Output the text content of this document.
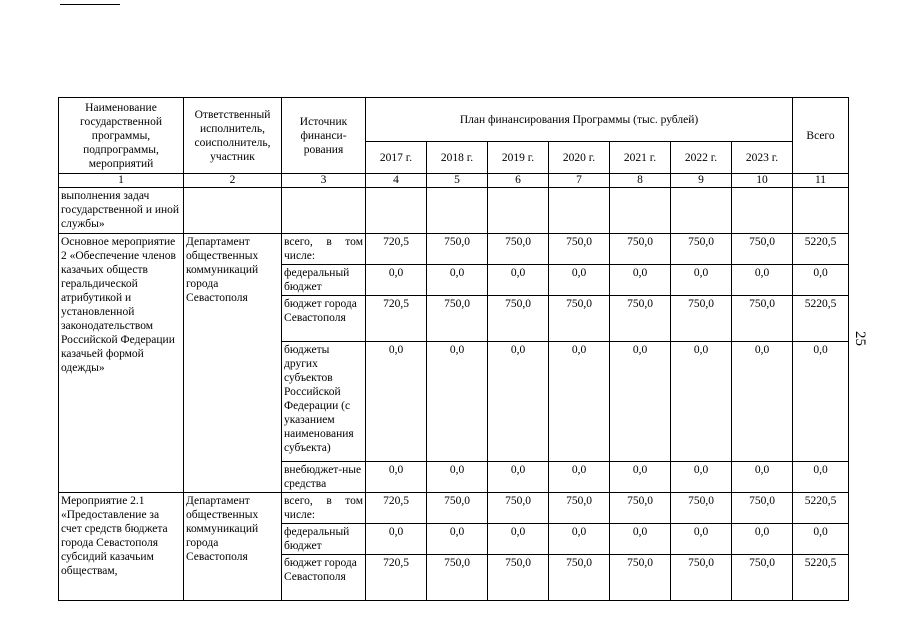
Наименование государственной программы, подпрограммы, мероприятий	Ответственный исполнитель, соисполнитель, участник	Источник финанси-рования	План финансирования Программы (тыс. рублей)							Всего
			2017 г.	2018 г.	2019 г.	2020 г.	2021 г.	2022 г.	2023 г.	
1	2	3	4	5	6	7	8	9	10	11
выполнения задач государственной и иной службы»										
Основное мероприятие 2 «Обеспечение членов казачьих обществ геральдической атрибутикой и установленной законодательством Российской Федерации казачьей формой одежды»	Департамент общественных коммуникаций города Севастополя	всего, в том числе:	720,5	750,0	750,0	750,0	750,0	750,0	750,0	5220,5
		федеральный бюджет	0,0	0,0	0,0	0,0	0,0	0,0	0,0	0,0
		бюджет города Севастополя	720,5	750,0	750,0	750,0	750,0	750,0	750,0	5220,5
		бюджеты других субъектов Российской Федерации (с указанием наименования субъекта)	0,0	0,0	0,0	0,0	0,0	0,0	0,0	0,0
		внебюджет-ные средства	0,0	0,0	0,0	0,0	0,0	0,0	0,0	0,0
Мероприятие 2.1 «Предоставление за счет средств бюджета города Севастополя субсидий казачьим обществам,	Департамент общественных коммуникаций города Севастополя	всего, в том числе:	720,5	750,0	750,0	750,0	750,0	750,0	750,0	5220,5
		федеральный бюджет	0,0	0,0	0,0	0,0	0,0	0,0	0,0	0,0
		бюджет города Севастополя	720,5	750,0	750,0	750,0	750,0	750,0	750,0	5220,5
25
